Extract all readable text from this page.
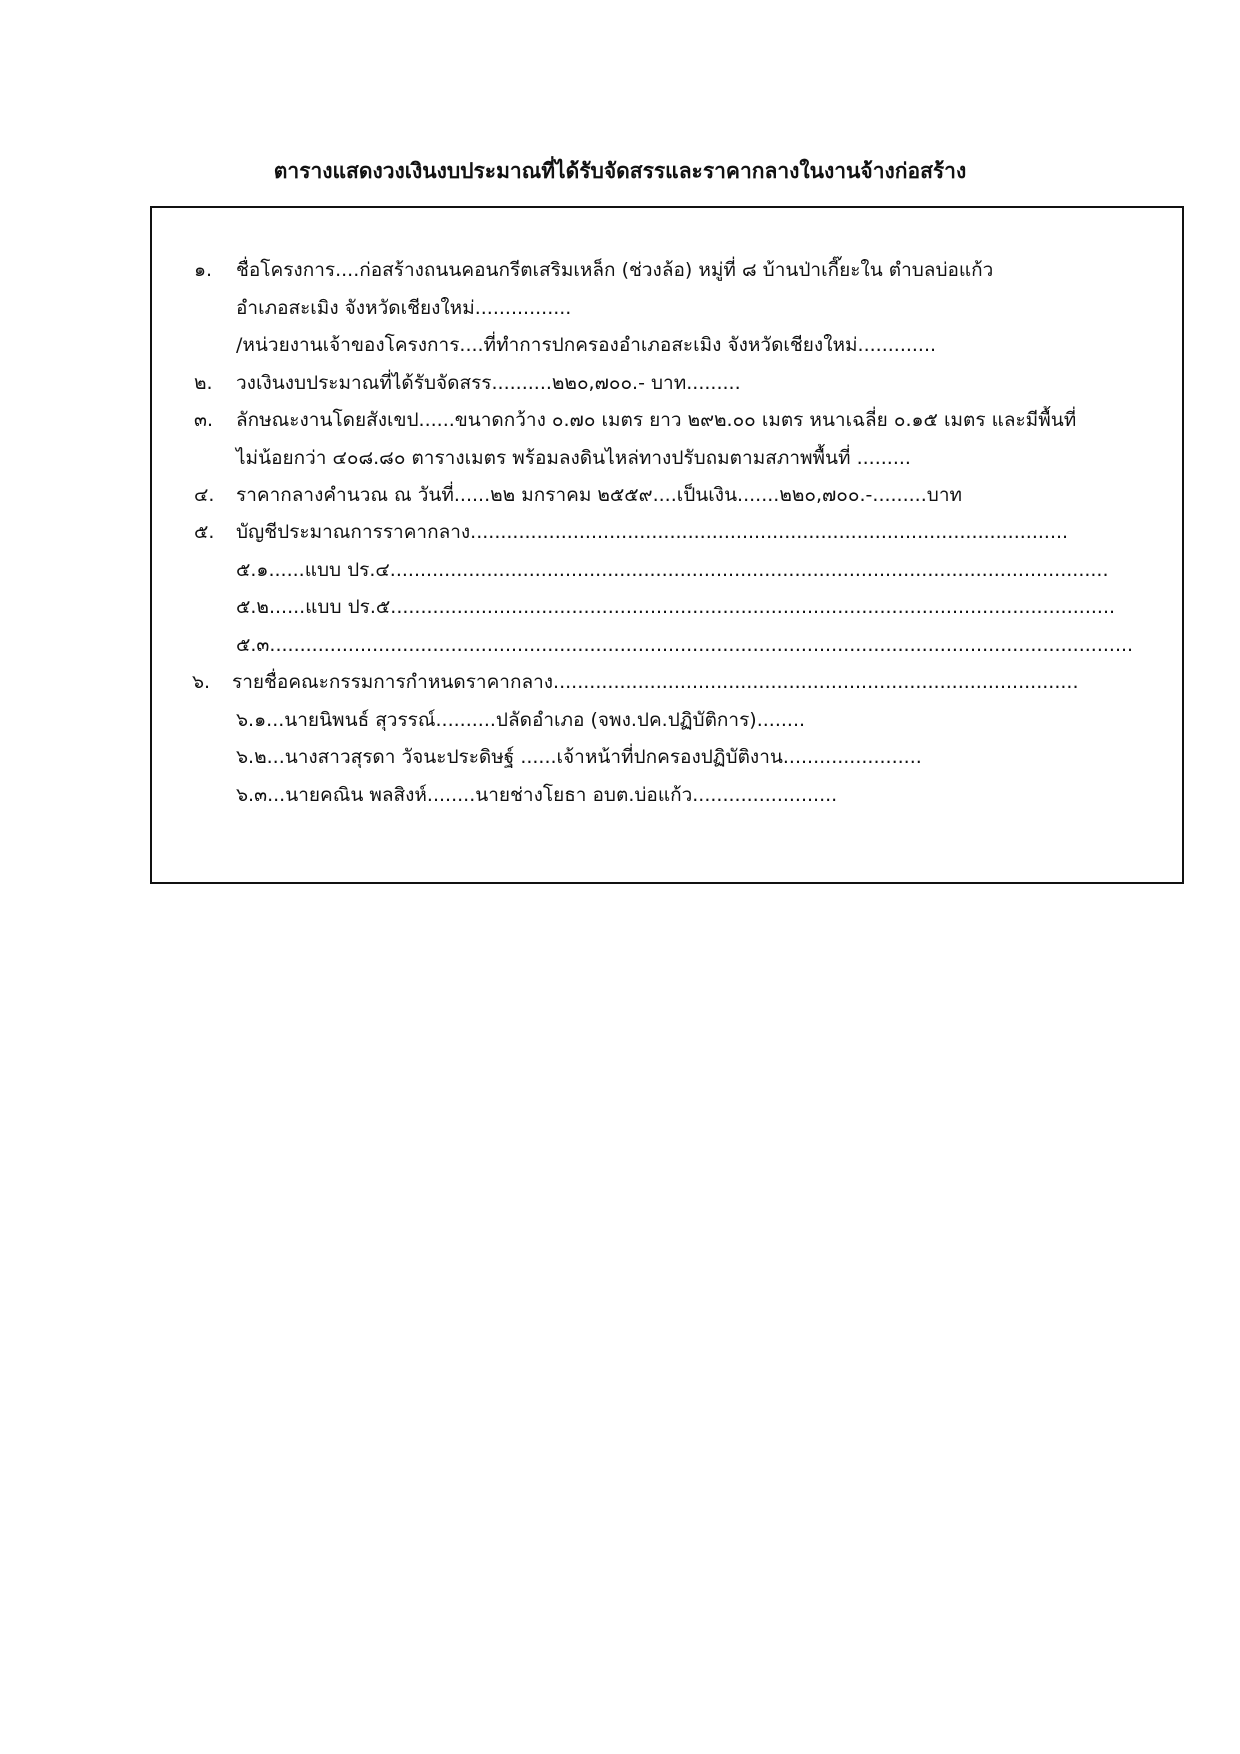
ตารางแสดงวงเงินงบประมาณที่ได้รับจัดสรรและราคากลางในงานจ้างก่อสร้าง
๑. ชื่อโครงการ....ก่อสร้างถนนคอนกรีตเสริมเหล็ก (ช่วงล้อ) หมู่ที่ ๘ บ้านป่าเกี๊ยะใน ตำบลบ่อแก้ว
อำเภอสะเมิง จังหวัดเชียงใหม่................
/หน่วยงานเจ้าของโครงการ....ที่ทำการปกครองอำเภอสะเมิง จังหวัดเชียงใหม่.............
๒. วงเงินงบประมาณที่ได้รับจัดสรร..........๒๒๐,๗๐๐.- บาท.........
๓. ลักษณะงานโดยสังเขป......ขนาดกว้าง ๐.๗๐ เมตร ยาว ๒๙๒.๐๐ เมตร หนาเฉลี่ย ๐.๑๕ เมตร และมีพื้นที่
ไม่น้อยกว่า ๔๐๘.๘๐ ตารางเมตร พร้อมลงดินไหล่ทางปรับถมตามสภาพพื้นที่ .........
๔. ราคากลางคำนวณ ณ วันที่......๒๒ มกราคม ๒๕๕๙....เป็นเงิน.......๒๒๐,๗๐๐.-.........บาท
๕. บัญชีประมาณการราคากลาง...................................................................................................
๕.๑......แบบ ปร.๔.......................................................................................................................
๕.๒......แบบ ปร.๕........................................................................................................................
๕.๓...............................................................................................................................................
๖. รายชื่อคณะกรรมการกำหนดราคากลาง.......................................................................................
๖.๑...นายนิพนธ์ สุวรรณ์..........ปลัดอำเภอ (จพง.ปค.ปฏิบัติการ)........
๖.๒...นางสาวสุรดา วัจนะประดิษฐ์ ......เจ้าหน้าที่ปกครองปฏิบัติงาน.......................
๖.๓...นายคณิน พลสิงห์........นายช่างโยธา อบต.บ่อแก้ว........................
